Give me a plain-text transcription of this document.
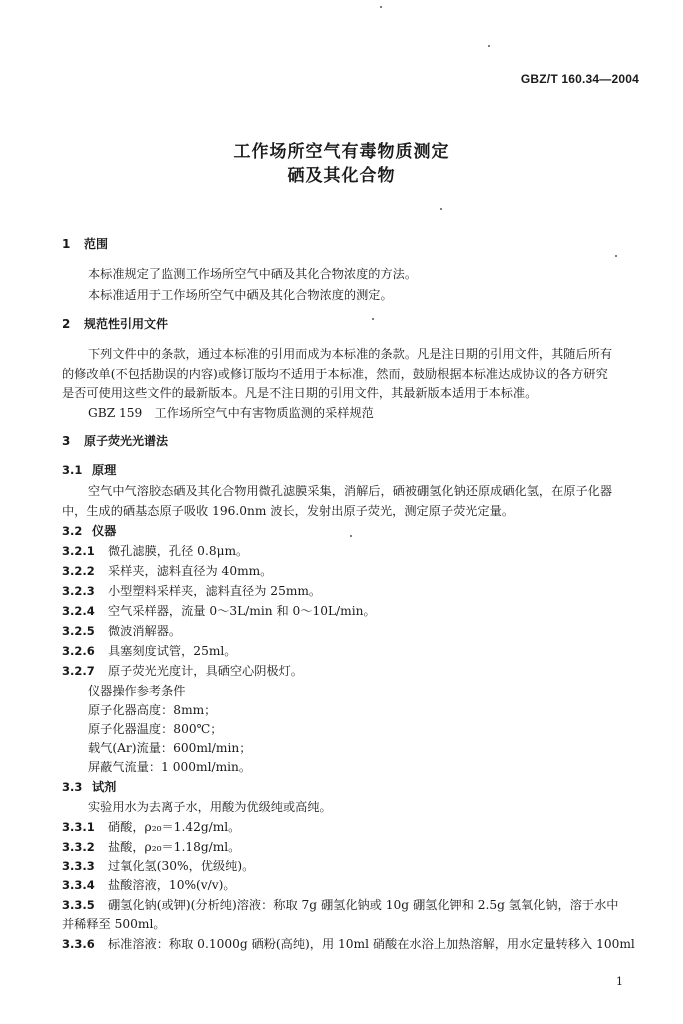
GBZ/T 160.34—2004
工作场所空气有毒物质测定
硒及其化合物
1 范围
本标准规定了监测工作场所空气中硒及其化合物浓度的方法。
本标准适用于工作场所空气中硒及其化合物浓度的测定。
2 规范性引用文件
下列文件中的条款，通过本标准的引用而成为本标准的条款。凡是注日期的引用文件，其随后所有
的修改单(不包括勘误的内容)或修订版均不适用于本标准，然而，鼓励根据本标准达成协议的各方研究
是否可使用这些文件的最新版本。凡是不注日期的引用文件，其最新版本适用于本标准。
GBZ 159　工作场所空气中有害物质监测的采样规范
3 原子荧光光谱法
3.1 原理
空气中气溶胶态硒及其化合物用微孔滤膜采集，消解后，硒被硼氢化钠还原成硒化氢，在原子化器
中，生成的硒基态原子吸收 196.0nm 波长，发射出原子荧光，测定原子荧光定量。
3.2 仪器
3.2.1 微孔滤膜，孔径 0.8μm。
3.2.2 采样夹，滤料直径为 40mm。
3.2.3 小型塑料采样夹，滤料直径为 25mm。
3.2.4 空气采样器，流量 0～3L/min 和 0～10L/min。
3.2.5 微波消解器。
3.2.6 具塞刻度试管，25ml。
3.2.7 原子荧光光度计，具硒空心阴极灯。
仪器操作参考条件
原子化器高度：8mm；
原子化器温度：800℃；
载气(Ar)流量：600ml/min；
屏蔽气流量：1 000ml/min。
3.3 试剂
实验用水为去离子水，用酸为优级纯或高纯。
3.3.1 硝酸，ρ₂₀＝1.42g/ml。
3.3.2 盐酸，ρ₂₀＝1.18g/ml。
3.3.3 过氧化氢(30%，优级纯)。
3.3.4 盐酸溶液，10%(v/v)。
3.3.5 硼氢化钠(或钾)(分析纯)溶液：称取 7g 硼氢化钠或 10g 硼氢化钾和 2.5g 氢氧化钠，溶于水中
并稀释至 500ml。
3.3.6 标准溶液：称取 0.1000g 硒粉(高纯)，用 10ml 硝酸在水浴上加热溶解，用水定量转移入 100ml
1
